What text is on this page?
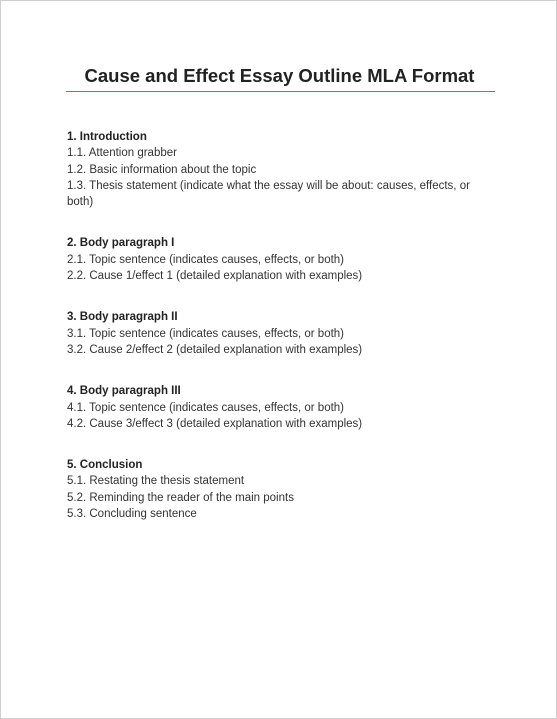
Cause and Effect Essay Outline MLA Format

1. Introduction

1.1. Attention grabber

1.2. Basic information about the topic

1.3. Thesis statement (indicate what the essay will be about: causes, effects, or both)

2. Body paragraph I

2.1. Topic sentence (indicates causes, effects, or both)

2.2. Cause 1/effect 1 (detailed explanation with examples)

3. Body paragraph II

3.1. Topic sentence (indicates causes, effects, or both)

3.2. Cause 2/effect 2 (detailed explanation with examples)

4. Body paragraph III

4.1. Topic sentence (indicates causes, effects, or both)

4.2. Cause 3/effect 3 (detailed explanation with examples)

5. Conclusion

5.1. Restating the thesis statement

5.2. Reminding the reader of the main points

5.3. Concluding sentence
